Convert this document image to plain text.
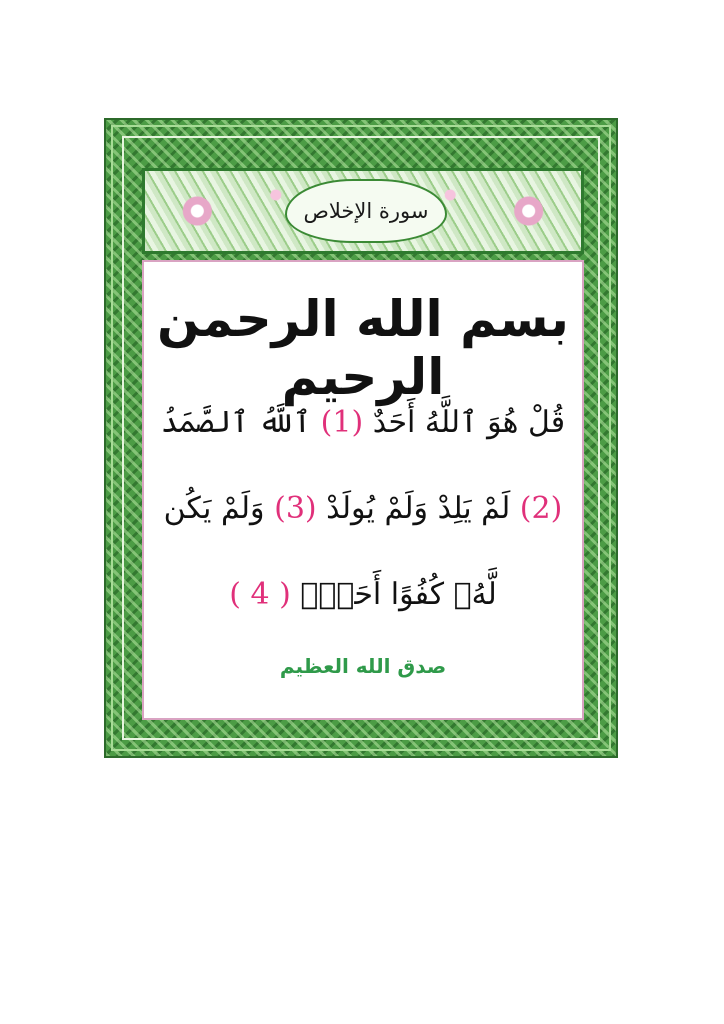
سورة الإخلاص
بسم الله الرحمن الرحيم
قُلْ هُوَ ٱللَّهُ أَحَدٌ (1) ٱللَّهُ ٱلصَّمَدُ
(2) لَمْ يَلِدْ وَلَمْ يُولَدْ (3) وَلَمْ يَكُن
لَّهُۥ كُفُوًا أَحَدٌۢ ( 4 )
صدق الله العظيم
